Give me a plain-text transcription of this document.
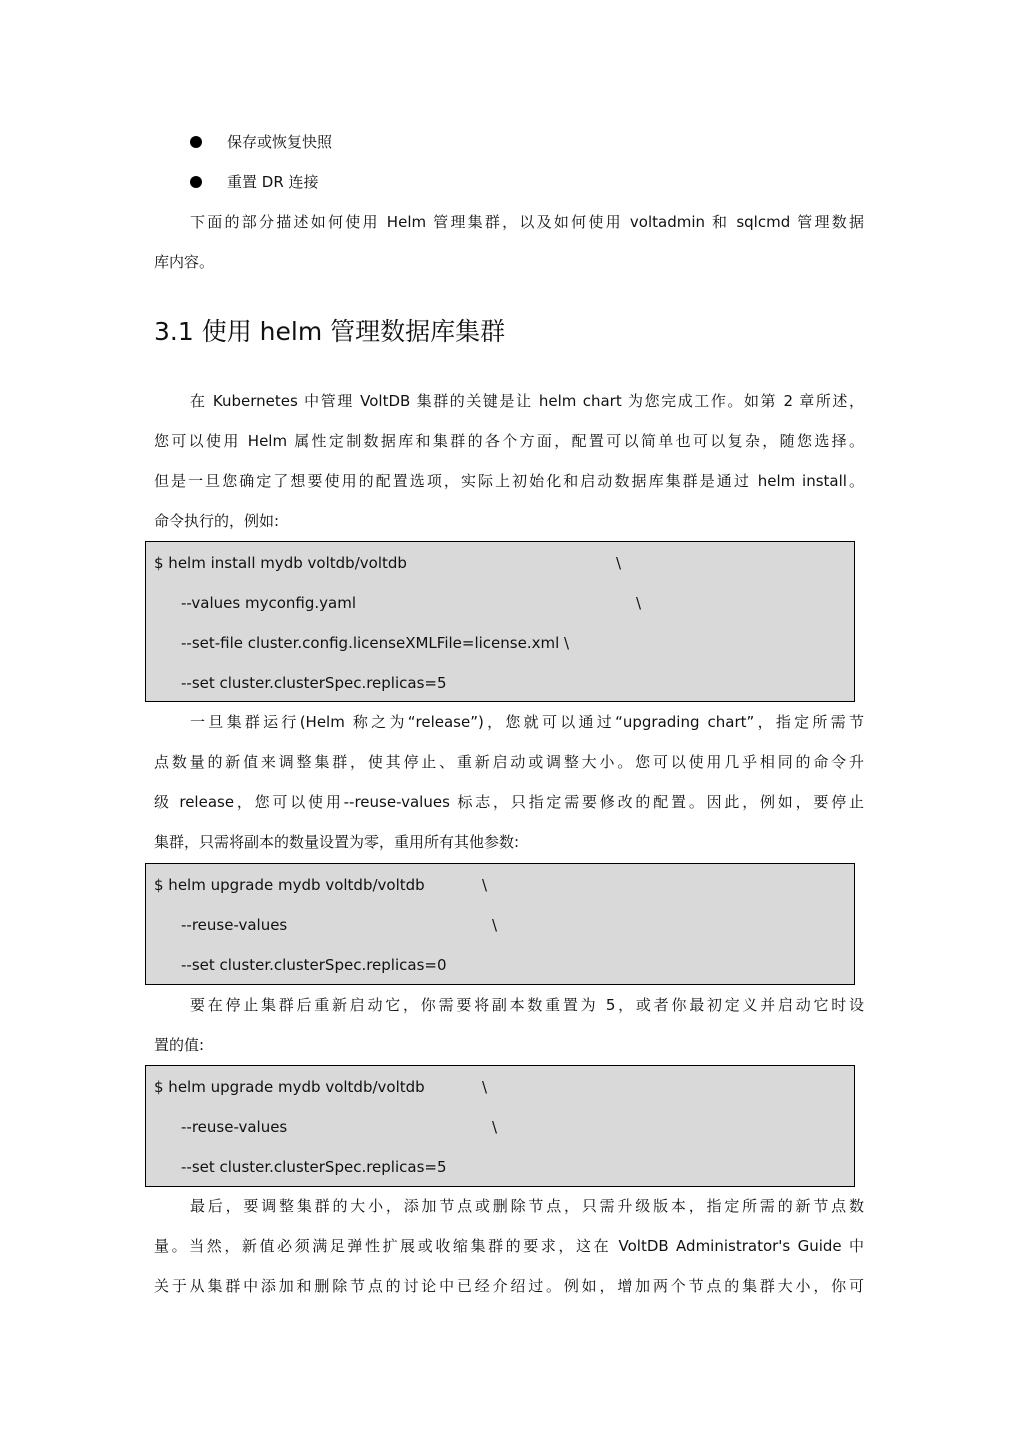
保存或恢复快照
重置 DR 连接
下面的部分描述如何使用 Helm 管理集群，以及如何使用 voltadmin 和 sqlcmd 管理数据
库内容。
3.1 使用 helm 管理数据库集群
在 Kubernetes 中管理 VoltDB 集群的关键是让 helm chart 为您完成工作。如第 2 章所述，
您可以使用 Helm 属性定制数据库和集群的各个方面，配置可以简单也可以复杂，随您选择。
但是一旦您确定了想要使用的配置选项，实际上初始化和启动数据库集群是通过 helm install。
命令执行的，例如:
$ helm install mydb voltdb/voltdb	\
--values myconfig.yaml	\
--set-file cluster.config.licenseXMLFile=license.xml \
--set cluster.clusterSpec.replicas=5
一旦集群运行(Helm 称之为“release”)，您就可以通过“upgrading chart”，指定所需节
点数量的新值来调整集群，使其停止、重新启动或调整大小。您可以使用几乎相同的命令升
级 release，您可以使用--reuse-values 标志，只指定需要修改的配置。因此，例如，要停止
集群，只需将副本的数量设置为零，重用所有其他参数:
$ helm upgrade mydb voltdb/voltdb	\
--reuse-values	\
--set cluster.clusterSpec.replicas=0
要在停止集群后重新启动它，你需要将副本数重置为 5，或者你最初定义并启动它时设
置的值:
$ helm upgrade mydb voltdb/voltdb	\
--reuse-values	\
--set cluster.clusterSpec.replicas=5
最后，要调整集群的大小，添加节点或删除节点，只需升级版本，指定所需的新节点数
量。当然，新值必须满足弹性扩展或收缩集群的要求，这在 VoltDB Administrator's Guide 中
关于从集群中添加和删除节点的讨论中已经介绍过。例如，增加两个节点的集群大小，你可
